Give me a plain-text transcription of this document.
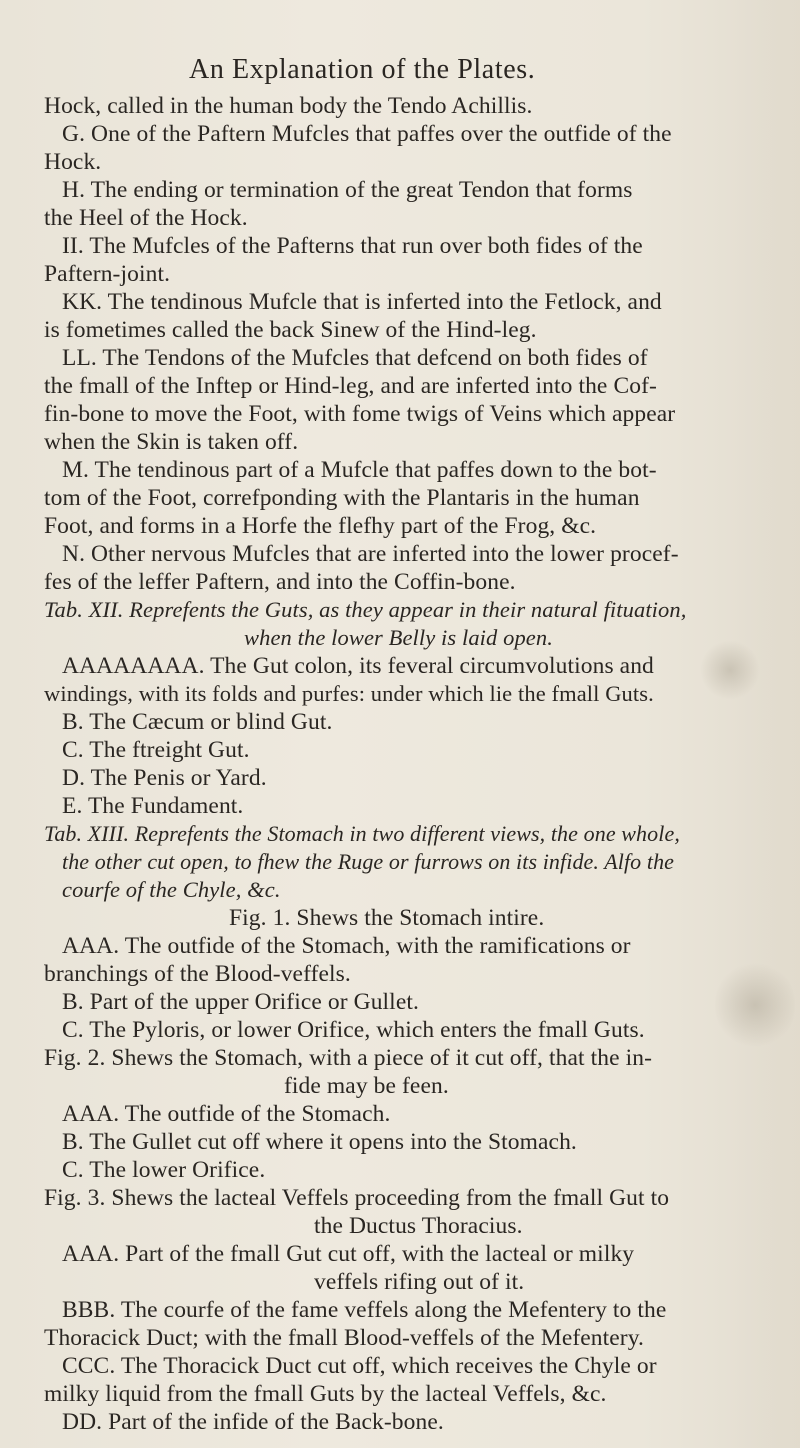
An Explanation of the Plates.
Hock, called in the human body the Tendo Achillis.
G. One of the Paftern Mufcles that paffes over the outfide of the
Hock.
H. The ending or termination of the great Tendon that forms
the Heel of the Hock.
II. The Mufcles of the Pafterns that run over both fides of the
Paftern-joint.
KK. The tendinous Mufcle that is inferted into the Fetlock, and
is fometimes called the back Sinew of the Hind-leg.
LL. The Tendons of the Mufcles that defcend on both fides of
the fmall of the Inftep or Hind-leg, and are inferted into the Cof-
fin-bone to move the Foot, with fome twigs of Veins which appear
when the Skin is taken off.
M. The tendinous part of a Mufcle that paffes down to the bot-
tom of the Foot, correfponding with the Plantaris in the human
Foot, and forms in a Horfe the flefhy part of the Frog, &c.
N. Other nervous Mufcles that are inferted into the lower procef-
fes of the leffer Paftern, and into the Coffin-bone.
Tab. XII. Reprefents the Guts, as they appear in their natural fituation,
when the lower Belly is laid open.
AAAAAAAA. The Gut colon, its feveral circumvolutions and
windings, with its folds and purfes: under which lie the fmall Guts.
B. The Cæcum or blind Gut.
C. The ftreight Gut.
D. The Penis or Yard.
E. The Fundament.
Tab. XIII. Reprefents the Stomach in two different views, the one whole,
the other cut open, to fhew the Ruge or furrows on its infide. Alfo the
courfe of the Chyle, &c.
Fig. 1. Shews the Stomach intire.
AAA. The outfide of the Stomach, with the ramifications or
branchings of the Blood-veffels.
B. Part of the upper Orifice or Gullet.
C. The Pyloris, or lower Orifice, which enters the fmall Guts.
Fig. 2. Shews the Stomach, with a piece of it cut off, that the in-
fide may be feen.
AAA. The outfide of the Stomach.
B. The Gullet cut off where it opens into the Stomach.
C. The lower Orifice.
Fig. 3. Shews the lacteal Veffels proceeding from the fmall Gut to
the Ductus Thoracius.
AAA. Part of the fmall Gut cut off, with the lacteal or milky
veffels rifing out of it.
BBB. The courfe of the fame veffels along the Mefentery to the
Thoracick Duct; with the fmall Blood-veffels of the Mefentery.
CCC. The Thoracick Duct cut off, which receives the Chyle or
milky liquid from the fmall Guts by the lacteal Veffels, &c.
DD. Part of the infide of the Back-bone.
